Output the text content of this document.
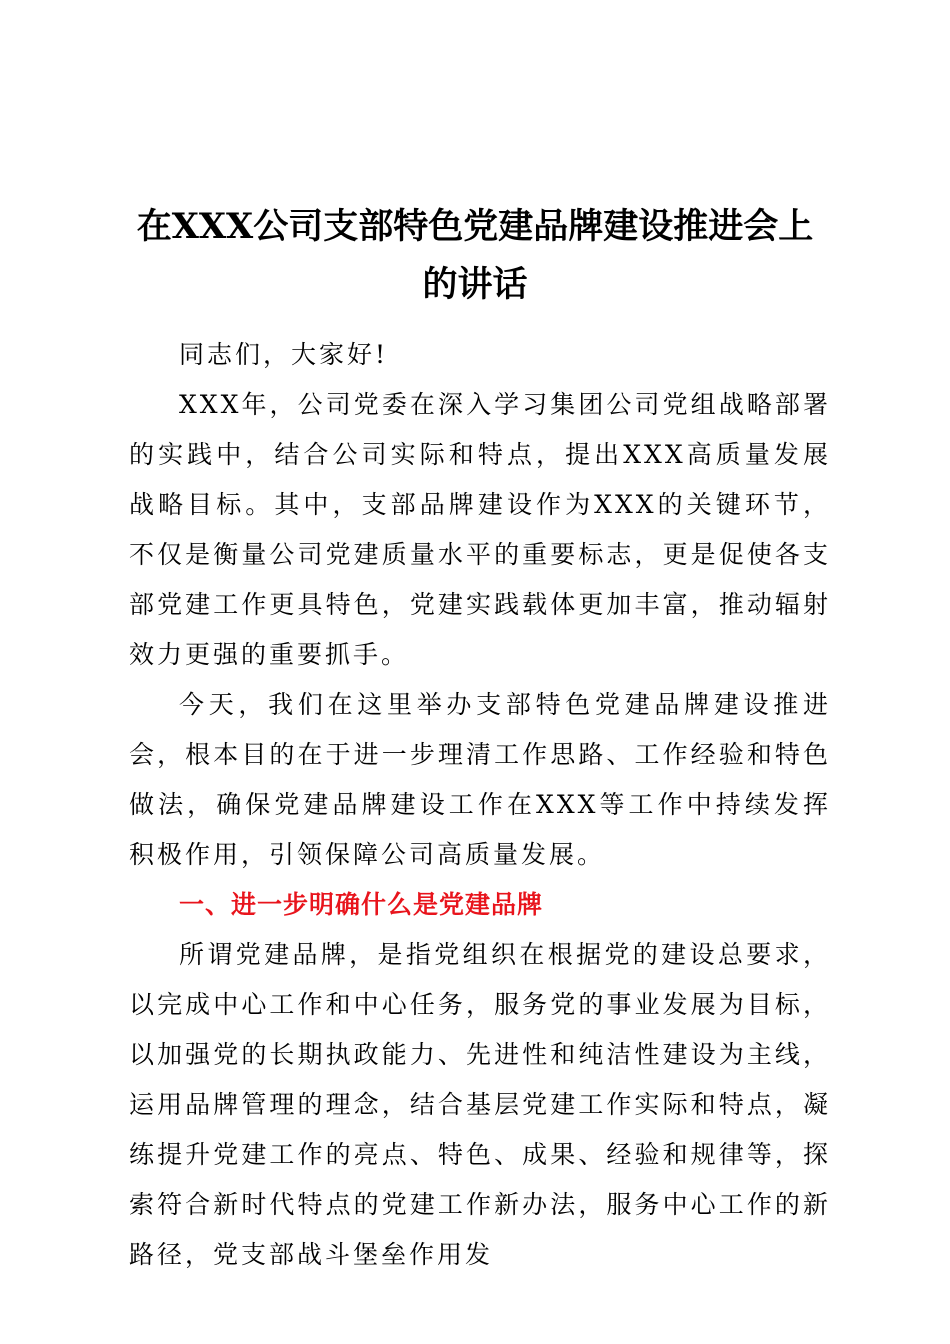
在XXX公司支部特色党建品牌建设推进会上的讲话

同志们，大家好!

XXX年，公司党委在深入学习集团公司党组战略部署的实践中，结合公司实际和特点，提出XXX高质量发展战略目标。其中，支部品牌建设作为XXX的关键环节，不仅是衡量公司党建质量水平的重要标志，更是促使各支部党建工作更具特色，党建实践载体更加丰富，推动辐射效力更强的重要抓手。

今天，我们在这里举办支部特色党建品牌建设推进会，根本目的在于进一步理清工作思路、工作经验和特色做法，确保党建品牌建设工作在XXX等工作中持续发挥积极作用，引领保障公司高质量发展。

一、进一步明确什么是党建品牌

所谓党建品牌，是指党组织在根据党的建设总要求，以完成中心工作和中心任务，服务党的事业发展为目标，以加强党的长期执政能力、先进性和纯洁性建设为主线，运用品牌管理的理念，结合基层党建工作实际和特点，凝练提升党建工作的亮点、特色、成果、经验和规律等，探索符合新时代特点的党建工作新办法，服务中心工作的新路径，党支部战斗堡垒作用发
